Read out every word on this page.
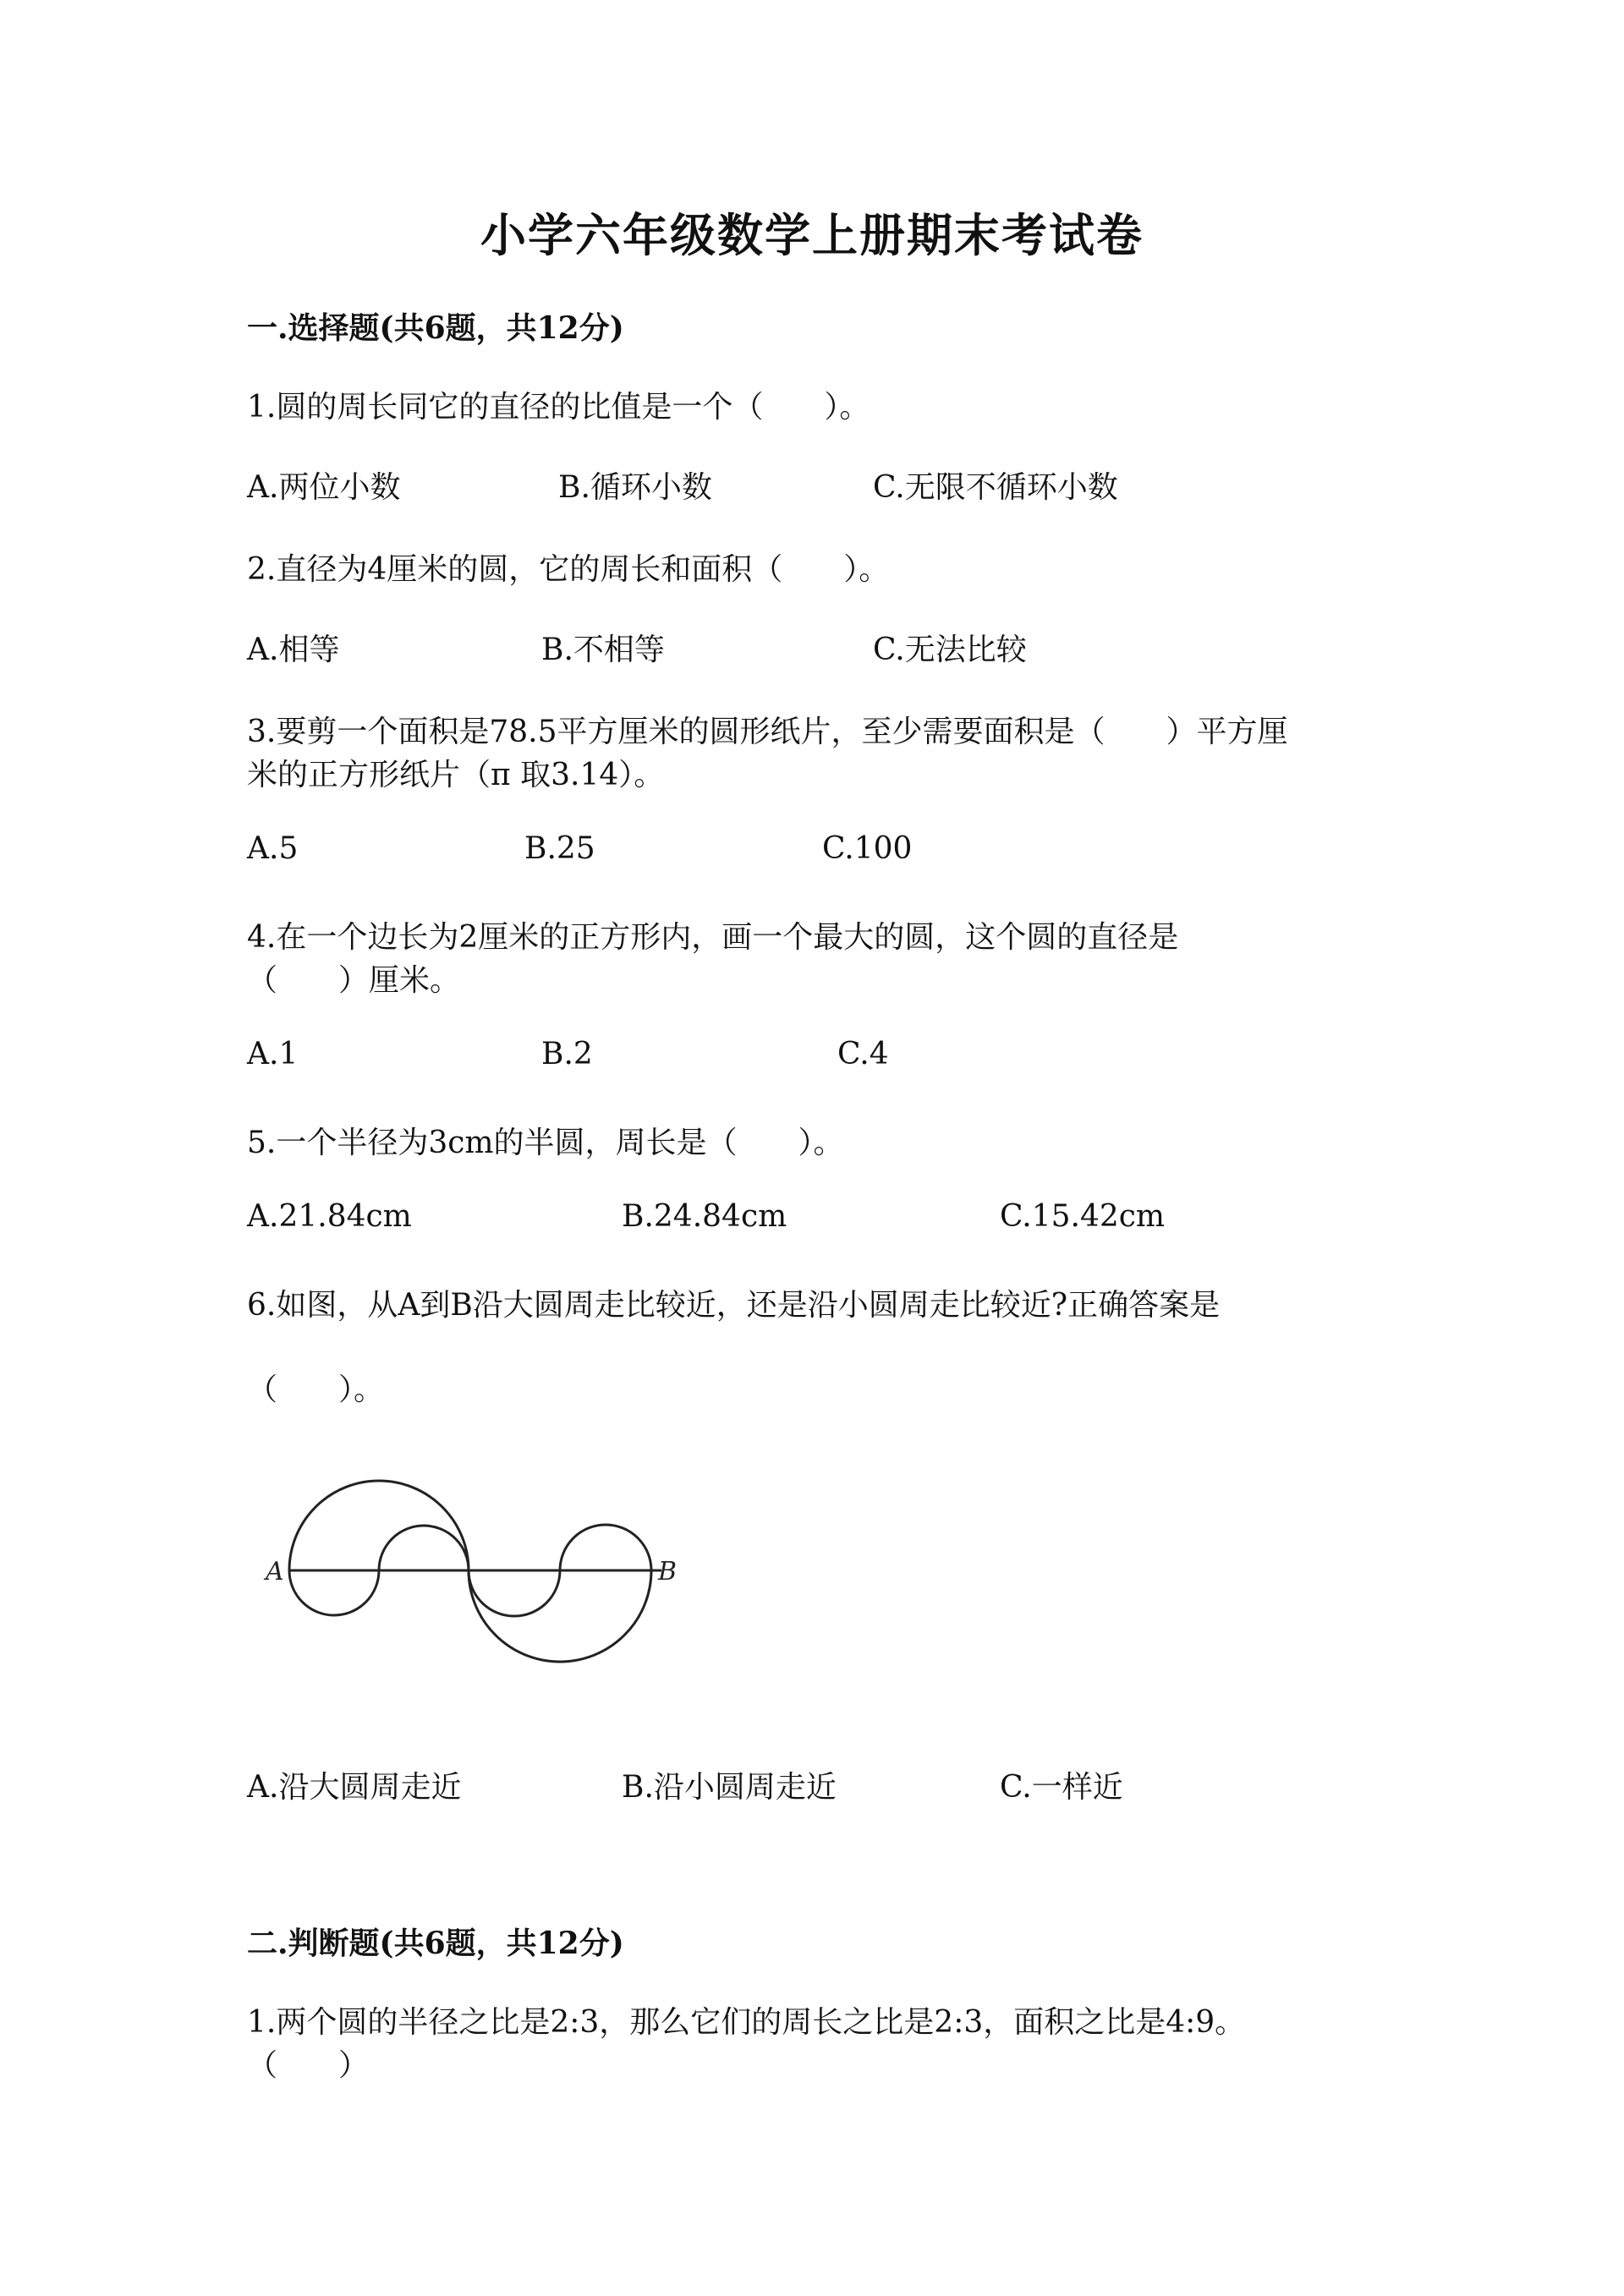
小学六年级数学上册期末考试卷
一.选择题(共6题，共12分)
1.圆的周长同它的直径的比值是一个（　　）。
A.两位小数	B.循环小数	C.无限不循环小数
2.直径为4厘米的圆，它的周长和面积（　　）。
A.相等	B.不相等	C.无法比较
3.要剪一个面积是78.5平方厘米的圆形纸片，至少需要面积是（　　）平方厘
米的正方形纸片（π 取3.14）。
A.5	B.25	C.100
4.在一个边长为2厘米的正方形内，画一个最大的圆，这个圆的直径是
（　　）厘米。
A.1	B.2	C.4
5.一个半径为3cm的半圆，周长是（　　）。
A.21.84cm	B.24.84cm	C.15.42cm
6.如图，从A到B沿大圆周走比较近，还是沿小圆周走比较近?正确答案是
（　　）。
A	B
A.沿大圆周走近	B.沿小圆周走近	C.一样近
二.判断题(共6题，共12分)
1.两个圆的半径之比是2:3，那么它们的周长之比是2:3，面积之比是4:9。
（　　）
